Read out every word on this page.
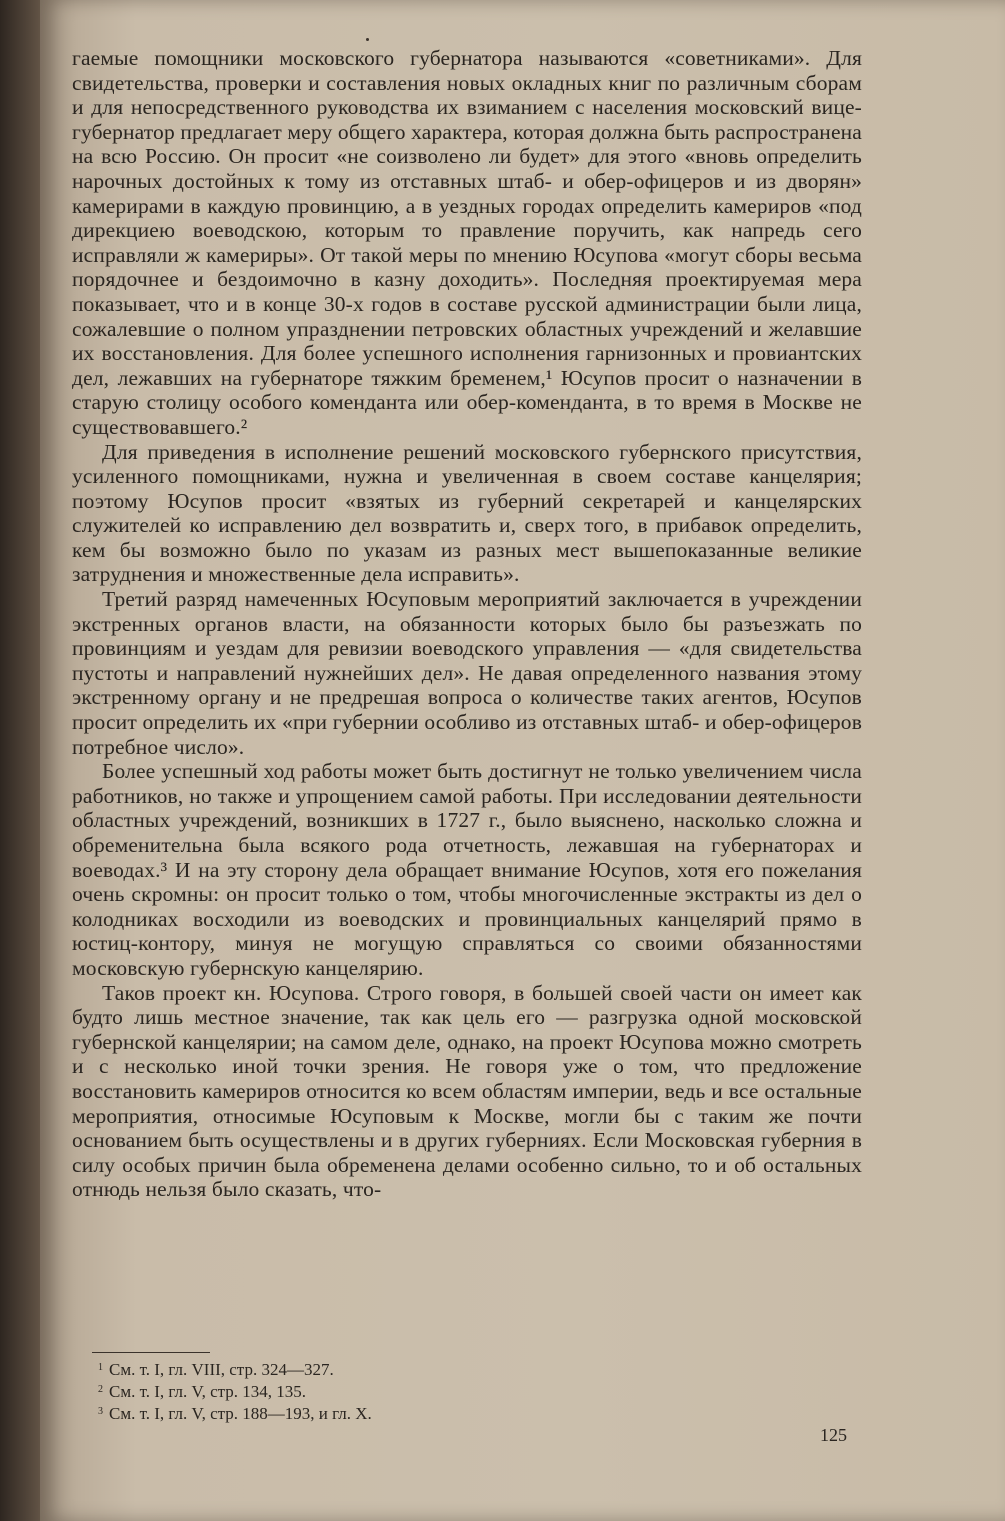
гаемые помощники московского губернатора называются «советниками». Для свидетельства, проверки и составления новых окладных книг по различным сборам и для непосредственного руководства их взиманием с населения московский вице-губернатор предлагает меру общего характера, которая должна быть распространена на всю Россию. Он просит «не соизволено ли будет» для этого «вновь определить нарочных достойных к тому из отставных штаб- и обер-офицеров и из дворян» камерирами в каждую провинцию, а в уездных городах определить камериров «под дирекциею воеводскою, которым то правление поручить, как напредь сего исправляли ж камериры». От такой меры по мнению Юсупова «могут сборы весьма порядочнее и бездоимочно в казну доходить». Последняя проектируемая мера показывает, что и в конце 30-х годов в составе русской администрации были лица, сожалевшие о полном упразднении петровских областных учреждений и желавшие их восстановления. Для более успешного исполнения гарнизонных и провиантских дел, лежавших на губернаторе тяжким бременем,¹ Юсупов просит о назначении в старую столицу особого коменданта или обер-коменданта, в то время в Москве не существовавшего.²

Для приведения в исполнение решений московского губернского присутствия, усиленного помощниками, нужна и увеличенная в своем составе канцелярия; поэтому Юсупов просит «взятых из губерний секретарей и канцелярских служителей ко исправлению дел возвратить и, сверх того, в прибавок определить, кем бы возможно было по указам из разных мест вышепоказанные великие затруднения и множественные дела исправить».

Третий разряд намеченных Юсуповым мероприятий заключается в учреждении экстренных органов власти, на обязанности которых было бы разъезжать по провинциям и уездам для ревизии воеводского управления — «для свидетельства пустоты и направлений нужнейших дел». Не давая определенного названия этому экстренному органу и не предрешая вопроса о количестве таких агентов, Юсупов просит определить их «при губернии особливо из отставных штаб- и обер-офицеров потребное число».

Более успешный ход работы может быть достигнут не только увеличением числа работников, но также и упрощением самой работы. При исследовании деятельности областных учреждений, возникших в 1727 г., было выяснено, насколько сложна и обременительна была всякого рода отчетность, лежавшая на губернаторах и воеводах.³ И на эту сторону дела обращает внимание Юсупов, хотя его пожелания очень скромны: он просит только о том, чтобы многочисленные экстракты из дел о колодниках восходили из воеводских и провинциальных канцелярий прямо в юстиц-контору, минуя не могущую справляться со своими обязанностями московскую губернскую канцелярию.

Таков проект кн. Юсупова. Строго говоря, в большей своей части он имеет как будто лишь местное значение, так как цель его — разгрузка одной московской губернской канцелярии; на самом деле, однако, на проект Юсупова можно смотреть и с несколько иной точки зрения. Не говоря уже о том, что предложение восстановить камериров относится ко всем областям империи, ведь и все остальные мероприятия, относимые Юсуповым к Москве, могли бы с таким же почти основанием быть осуществлены и в других губерниях. Если Московская губерния в силу особых причин была обременена делами особенно сильно, то и об остальных отнюдь нельзя было сказать, что-

$^1$ См. т. I, гл. VIII, стр. 324—327.
$^2$ См. т. I, гл. V, стр. 134, 135.
$^3$ См. т. I, гл. V, стр. 188—193, и гл. X.
125
